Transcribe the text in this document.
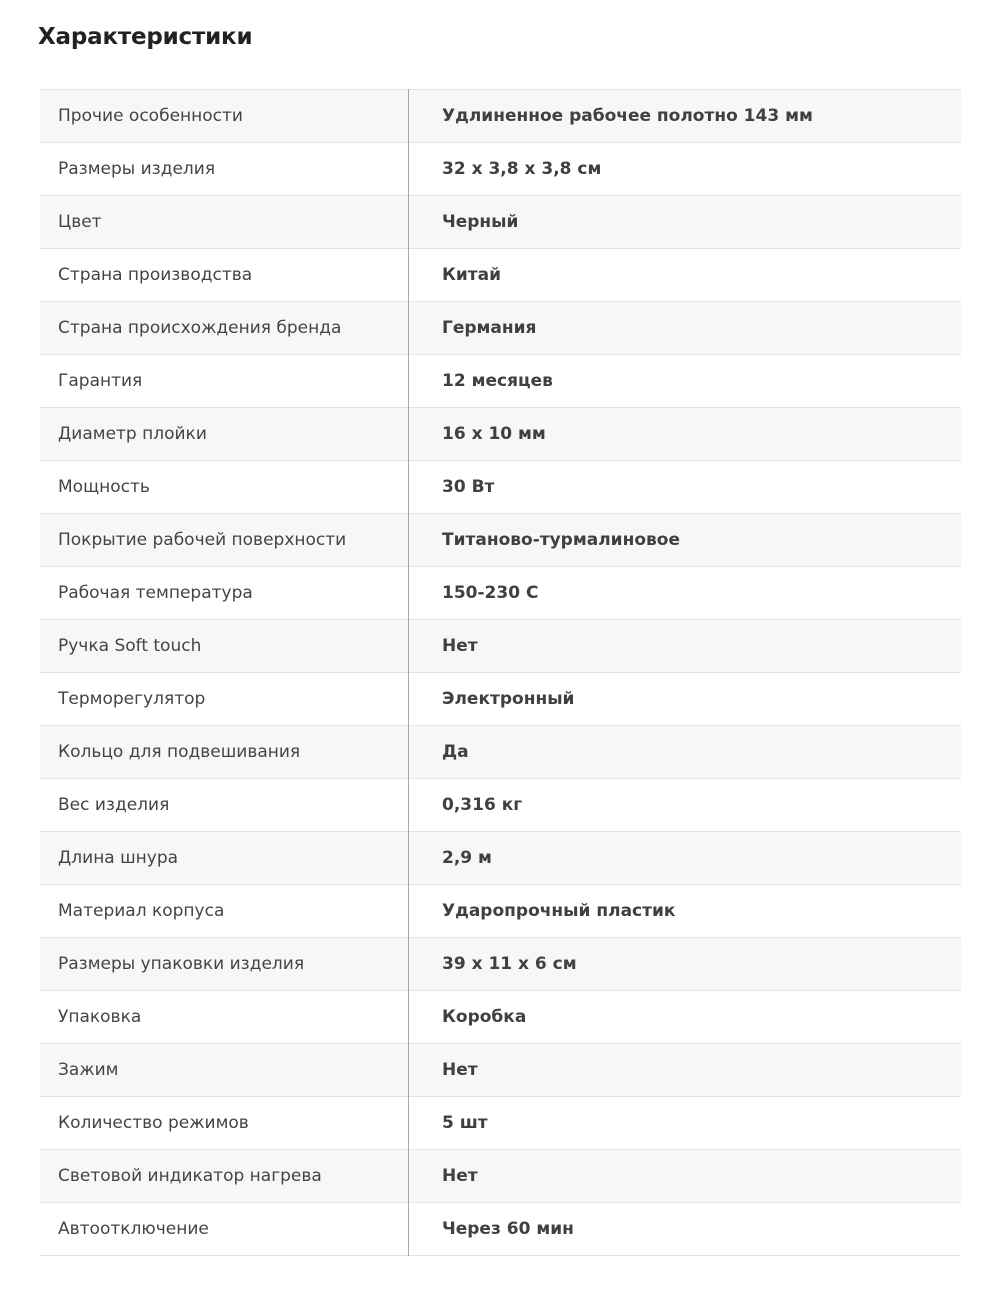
Характеристики
Прочие особенности	Удлиненное рабочее полотно 143 мм
Размеры изделия	32 x 3,8 x 3,8 см
Цвет	Черный
Страна производства	Китай
Страна происхождения бренда	Германия
Гарантия	12 месяцев
Диаметр плойки	16 x 10 мм
Мощность	30 Вт
Покрытие рабочей поверхности	Титаново-турмалиновое
Рабочая температура	150-230 С
Ручка Soft touch	Нет
Терморегулятор	Электронный
Кольцо для подвешивания	Да
Вес изделия	0,316 кг
Длина шнура	2,9 м
Материал корпуса	Ударопрочный пластик
Размеры упаковки изделия	39 x 11 x 6 см
Упаковка	Коробка
Зажим	Нет
Количество режимов	5 шт
Световой индикатор нагрева	Нет
Автоотключение	Через 60 мин
